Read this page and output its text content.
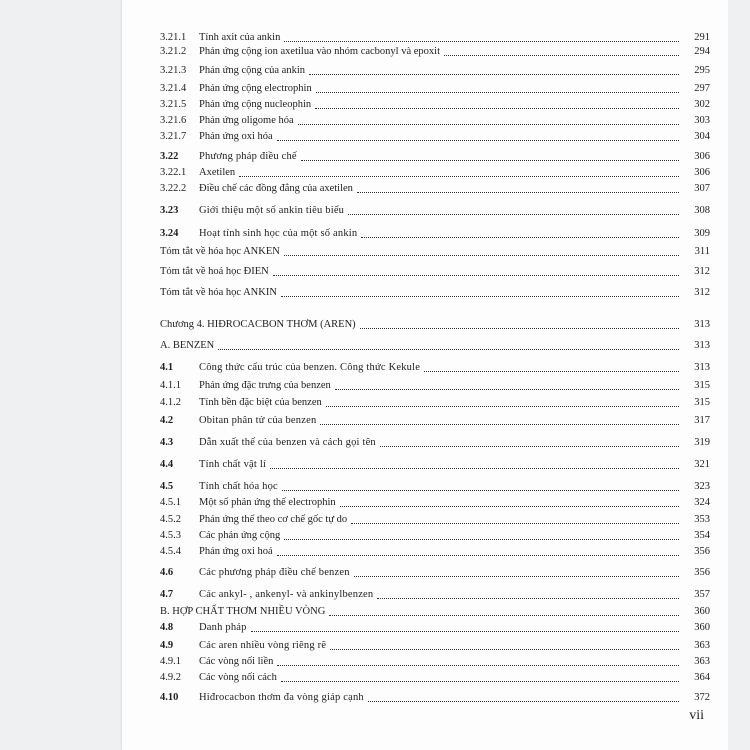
3.21.1	Tính axit của ankin	291
3.21.2	Phản ứng cộng ion axetilua vào nhóm cacbonyl và epoxit	294
3.21.3	Phản ứng cộng của ankin	295
3.21.4	Phản ứng cộng electrophin	297
3.21.5	Phản ứng cộng nucleophin	302
3.21.6	Phản ứng oligome hóa	303
3.21.7	Phản ứng oxi hóa	304
3.22	Phương pháp điều chế	306
3.22.1	Axetilen	306
3.22.2	Điều chế các đồng đẳng của axetilen	307
3.23	Giới thiệu một số ankin tiêu biểu	308
3.24	Hoạt tính sinh học của một số ankin	309
Tóm tắt về hóa học ANKEN	311
Tóm tắt về hoá học ĐIEN	312
Tóm tắt về hóa học ANKIN	312
Chương 4. HIĐROCACBON THƠM (AREN)	313
A. BENZEN	313
4.1	Công thức cấu trúc của benzen. Công thức Kekule	313
4.1.1	Phản ứng đặc trưng của benzen	315
4.1.2	Tính bền đặc biệt của benzen	315
4.2	Obitan phân tử của benzen	317
4.3	Dẫn xuất thế của benzen và cách gọi tên	319
4.4	Tính chất vật lí	321
4.5	Tính chất hóa học	323
4.5.1	Một số phản ứng thế electrophin	324
4.5.2	Phản ứng thế theo cơ chế gốc tự do	353
4.5.3	Các phản ứng cộng	354
4.5.4	Phản ứng oxi hoá	356
4.6	Các phương pháp điều chế benzen	356
4.7	Các ankyl- , ankenyl- và ankinylbenzen	357
B. HỢP CHẤT THƠM NHIỀU VÒNG	360
4.8	Danh pháp	360
4.9	Các aren nhiều vòng riêng rẽ	363
4.9.1	Các vòng nối liền	363
4.9.2	Các vòng nối cách	364
4.10	Hiđrocacbon thơm đa vòng giáp cạnh	372
vii
